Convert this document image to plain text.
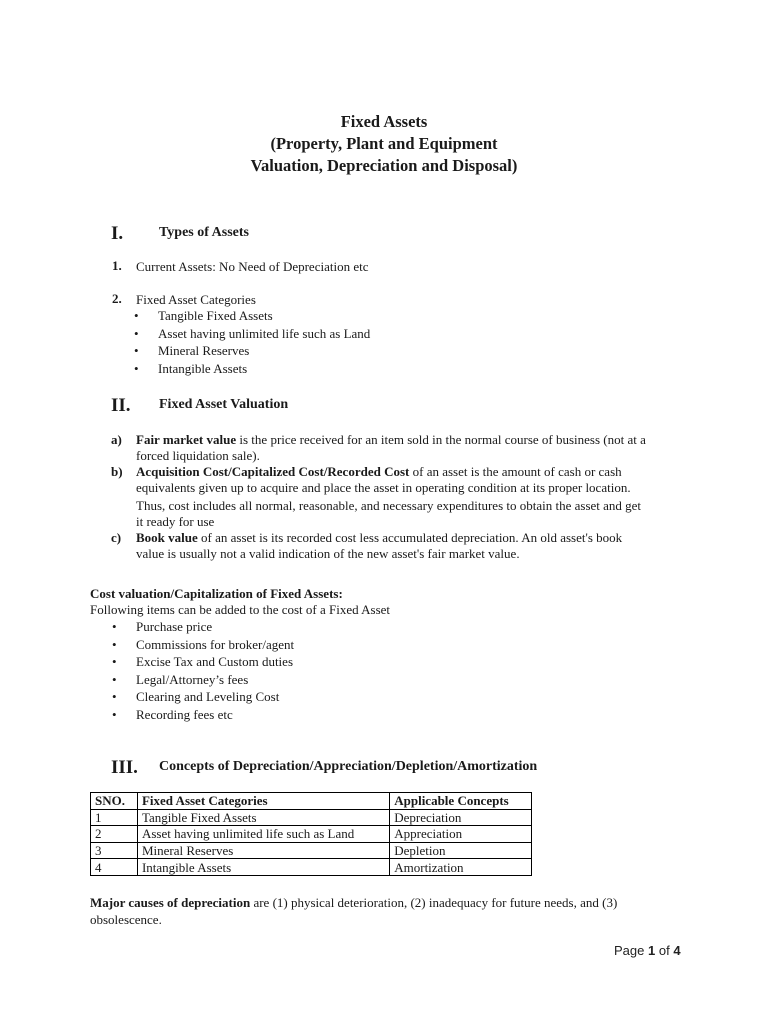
Fixed Assets
(Property, Plant and Equipment
Valuation, Depreciation and Disposal)
I.	Types of Assets
1. Current Assets: No Need of Depreciation etc
2. Fixed Asset Categories
• Tangible Fixed Assets
• Asset having unlimited life such as Land
• Mineral Reserves
• Intangible Assets
II. Fixed Asset Valuation
a) Fair market value is the price received for an item sold in the normal course of business (not at a
forced liquidation sale).
b) Acquisition Cost/Capitalized Cost/Recorded Cost of an asset is the amount of cash or cash
equivalents given up to acquire and place the asset in operating condition at its proper location.
Thus, cost includes all normal, reasonable, and necessary expenditures to obtain the asset and get
it ready for use
c) Book value of an asset is its recorded cost less accumulated depreciation. An old asset's book
value is usually not a valid indication of the new asset's fair market value.
Cost valuation/Capitalization of Fixed Assets:
Following items can be added to the cost of a Fixed Asset
• Purchase price
• Commissions for broker/agent
• Excise Tax and Custom duties
• Legal/Attorney’s fees
• Clearing and Leveling Cost
• Recording fees etc
III. Concepts of Depreciation/Appreciation/Depletion/Amortization
SNO.	Fixed Asset Categories	Applicable Concepts
1	Tangible Fixed Assets	Depreciation
2	Asset having unlimited life such as Land	Appreciation
3	Mineral Reserves	Depletion
4	Intangible Assets	Amortization
Major causes of depreciation are (1) physical deterioration, (2) inadequacy for future needs, and (3)
obsolescence.
Page 1 of 4
